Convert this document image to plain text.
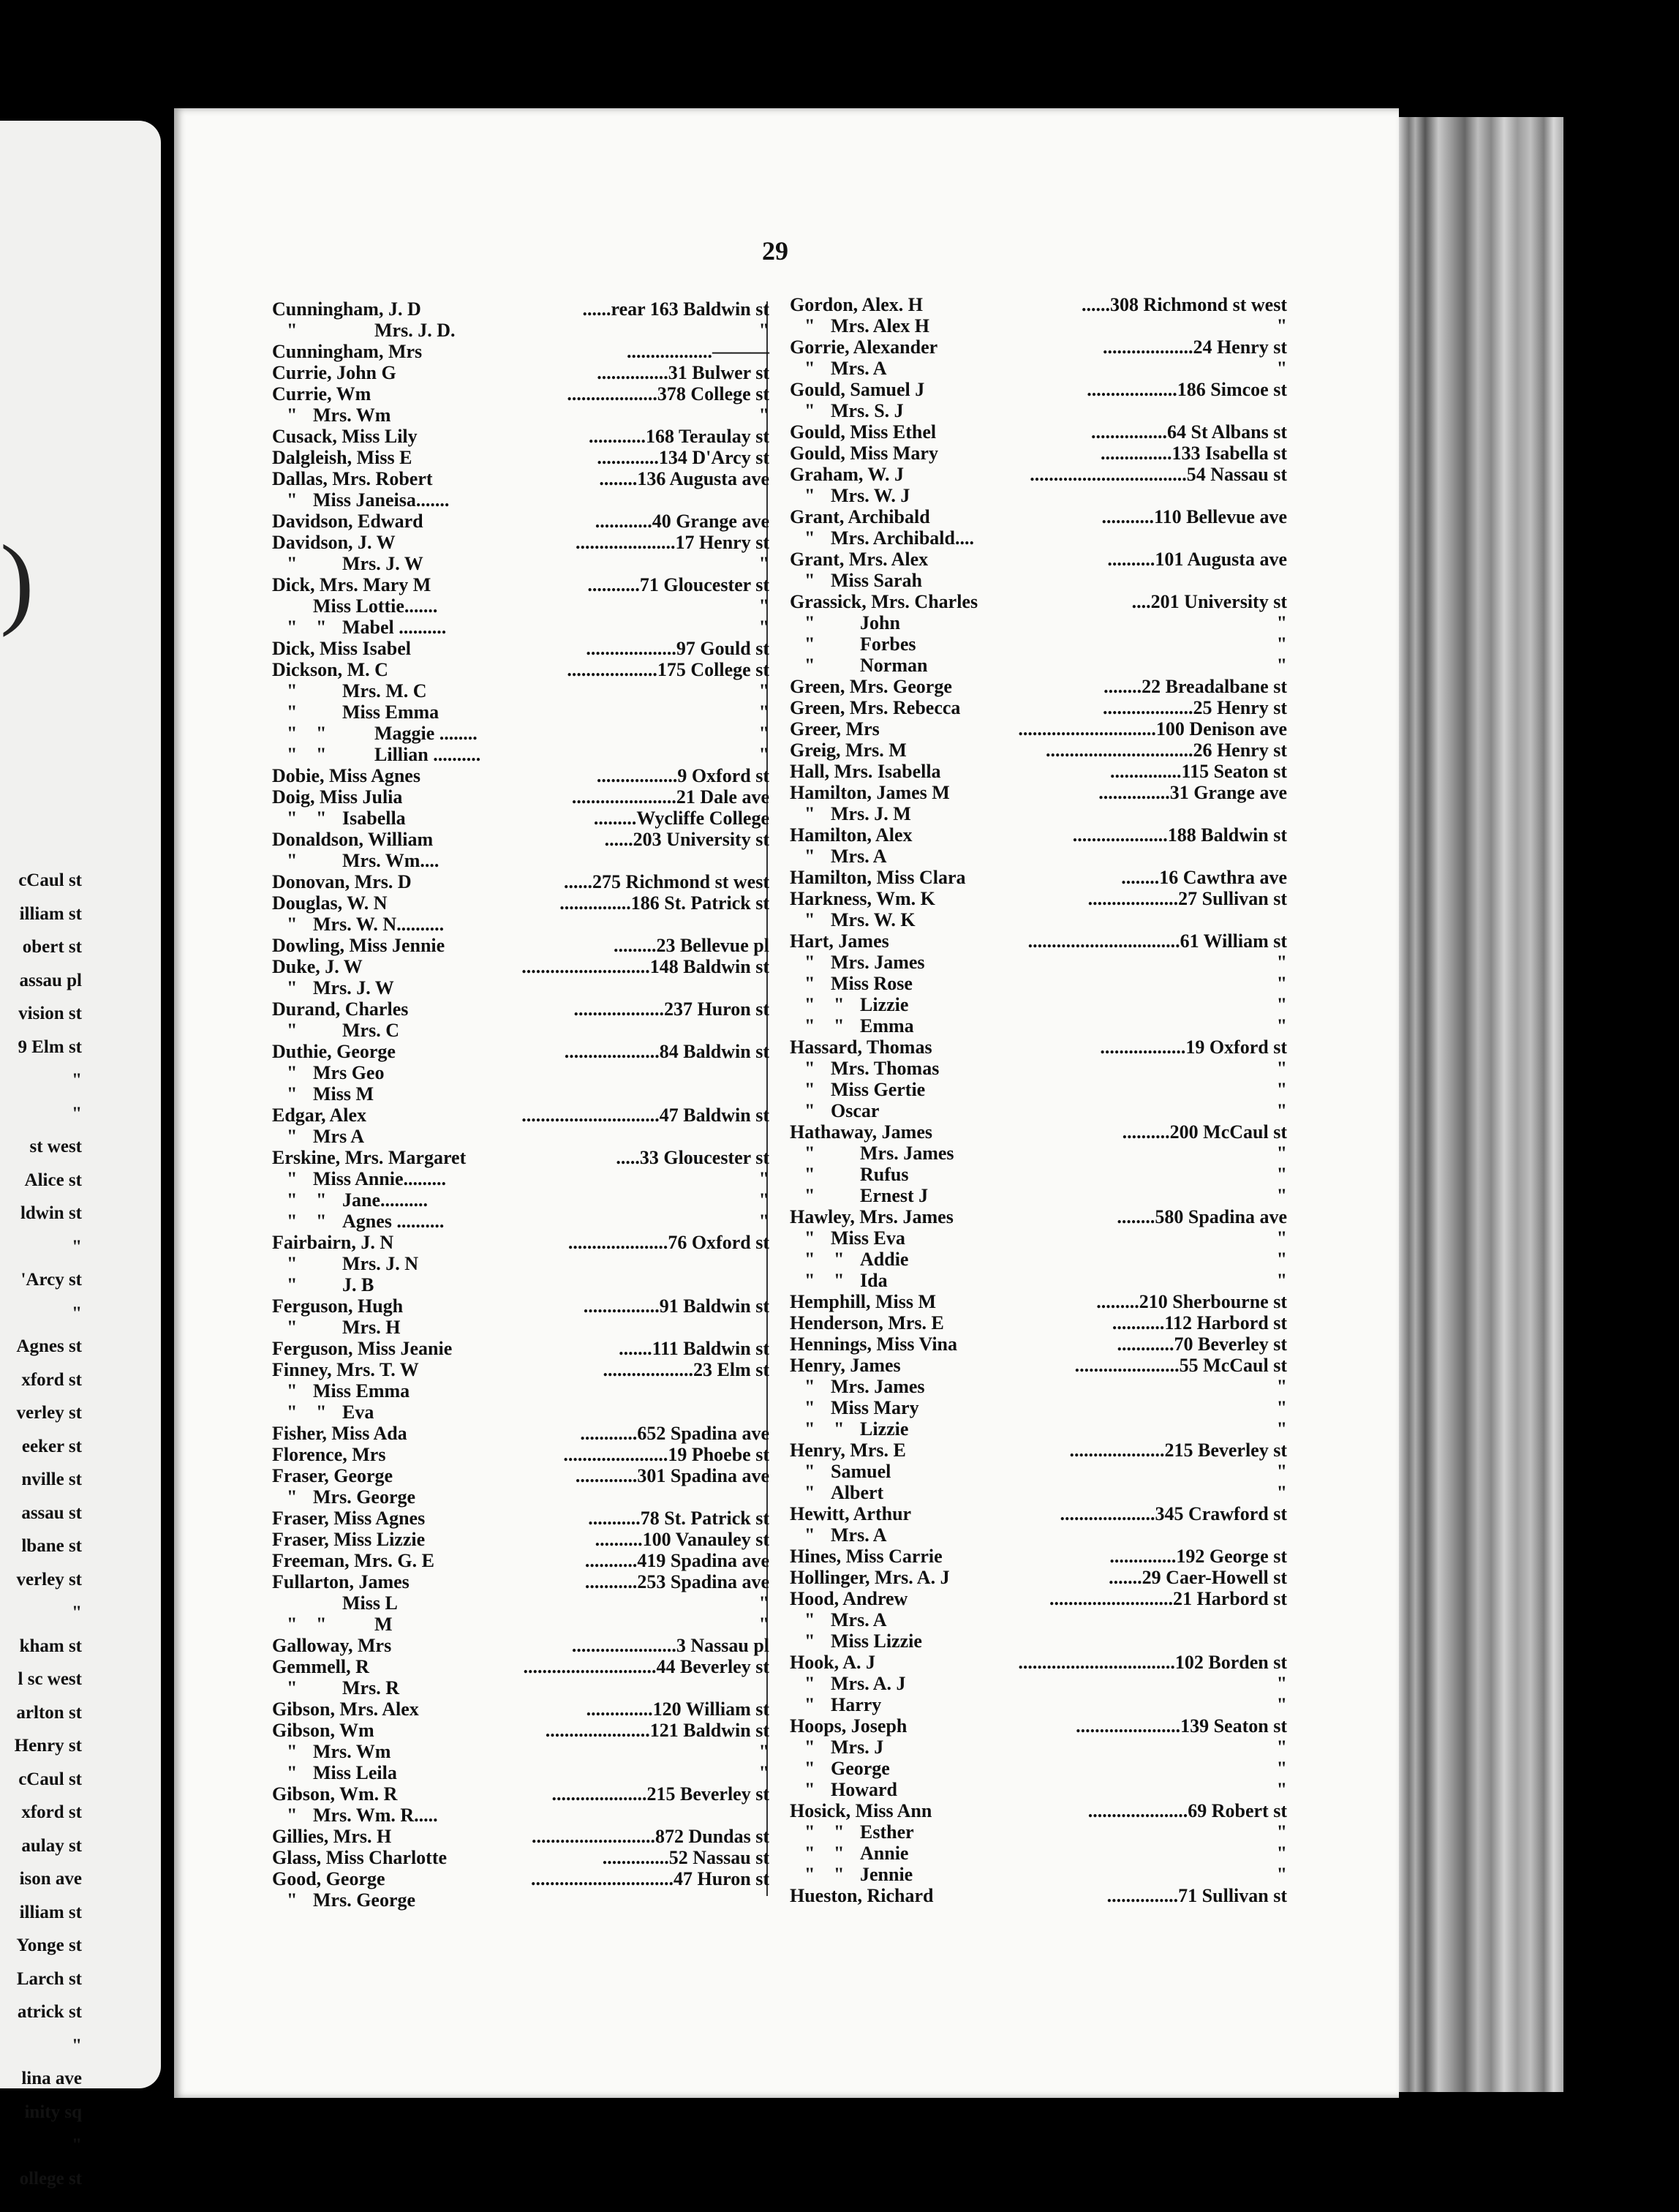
)
cCaul st
illiam st
obert st
assau pl
vision st
9 Elm st
"
"
st west
Alice st
ldwin st
"
'Arcy st
"
Agnes st
xford st
verley st
eeker st
nville st
assau st
lbane st
verley st
"
kham st
l sc west
arlton st
Henry st
cCaul st
xford st
aulay st
ison ave
illiam st
Yonge st
Larch st
atrick st
"
lina ave
inity sq
"
ollege st
29
Cunningham, J. D	......rear 163 Baldwin st
"	Mrs. J. D.	"
Cunningham, Mrs	..................———
Currie, John G	...............31 Bulwer st
Currie, Wm	...................378 College st
" Mrs. Wm	"
Cusack, Miss Lily	............168 Teraulay st
Dalgleish, Miss E	.............134 D'Arcy st
Dallas, Mrs. Robert	........136 Augusta ave
" Miss Janeisa.......
Davidson, Edward	............40 Grange ave
Davidson, J. W	.....................17 Henry st
" Mrs. J. W	"
Dick, Mrs. Mary M	...........71 Gloucester st
Miss Lottie.......	"
" " Mabel ..........	"
Dick, Miss Isabel	...................97 Gould st
Dickson, M. C	...................175 College st
" Mrs. M. C	"
" Miss Emma	"
" "	Maggie ........	"
" "	Lillian ..........	"
Dobie, Miss Agnes	.................9 Oxford st
Doig, Miss Julia	......................21 Dale ave
" " Isabella	.........Wycliffe College
Donaldson, William	......203 University st
" Mrs. Wm....
Donovan, Mrs. D	......275 Richmond st west
Douglas, W. N	...............186 St. Patrick st
" Mrs. W. N..........
Dowling, Miss Jennie	.........23 Bellevue pl
Duke, J. W	...........................148 Baldwin st
" Mrs. J. W
Durand, Charles	...................237 Huron st
" Mrs. C
Duthie, George	....................84 Baldwin st
" Mrs Geo
" Miss M
Edgar, Alex	.............................47 Baldwin st
" Mrs A
Erskine, Mrs. Margaret	.....33 Gloucester st
" Miss Annie.........	"
" " Jane..........	"
" " Agnes ..........	"
Fairbairn, J. N	.....................76 Oxford st
" Mrs. J. N
" J. B
Ferguson, Hugh	................91 Baldwin st
" Mrs. H
Ferguson, Miss Jeanie	.......111 Baldwin st
Finney, Mrs. T. W	...................23 Elm st
" Miss Emma
" " Eva
Fisher, Miss Ada	............652 Spadina ave
Florence, Mrs	......................19 Phoebe st
Fraser, George	.............301 Spadina ave
" Mrs. George
Fraser, Miss Agnes	...........78 St. Patrick st
Fraser, Miss Lizzie	..........100 Vanauley st
Freeman, Mrs. G. E	...........419 Spadina ave
Fullarton, James	...........253 Spadina ave
Miss L	"
" "	M	"
Galloway, Mrs	......................3 Nassau pl
Gemmell, R	............................44 Beverley st
" Mrs. R
Gibson, Mrs. Alex	..............120 William st
Gibson, Wm	......................121 Baldwin st
" Mrs. Wm	"
" Miss Leila	"
Gibson, Wm. R	....................215 Beverley st
" Mrs. Wm. R.....
Gillies, Mrs. H	..........................872 Dundas st
Glass, Miss Charlotte	..............52 Nassau st
Good, George	..............................47 Huron st
" Mrs. George
Gordon, Alex. H	......308 Richmond st west
" Mrs. Alex H	"
Gorrie, Alexander	...................24 Henry st
" Mrs. A	"
Gould, Samuel J	...................186 Simcoe st
" Mrs. S. J
Gould, Miss Ethel	................64 St Albans st
Gould, Miss Mary	...............133 Isabella st
Graham, W. J	.................................54 Nassau st
" Mrs. W. J
Grant, Archibald	...........110 Bellevue ave
" Mrs. Archibald....
Grant, Mrs. Alex	..........101 Augusta ave
" Miss Sarah
Grassick, Mrs. Charles	....201 University st
" John	"
" Forbes	"
" Norman	"
Green, Mrs. George	........22 Breadalbane st
Green, Mrs. Rebecca	...................25 Henry st
Greer, Mrs	.............................100 Denison ave
Greig, Mrs. M	...............................26 Henry st
Hall, Mrs. Isabella	...............115 Seaton st
Hamilton, James M	...............31 Grange ave
" Mrs. J. M
Hamilton, Alex	....................188 Baldwin st
" Mrs. A
Hamilton, Miss Clara	........16 Cawthra ave
Harkness, Wm. K	...................27 Sullivan st
" Mrs. W. K
Hart, James	................................61 William st
" Mrs. James	"
" Miss Rose	"
" " Lizzie	"
" " Emma	"
Hassard, Thomas	..................19 Oxford st
" Mrs. Thomas	"
" Miss Gertie	"
" Oscar	"
Hathaway, James	..........200 McCaul st
" Mrs. James	"
" Rufus	"
" Ernest J	"
Hawley, Mrs. James	........580 Spadina ave
" Miss Eva	"
" " Addie	"
" " Ida	"
Hemphill, Miss M	.........210 Sherbourne st
Henderson, Mrs. E	...........112 Harbord st
Hennings, Miss Vina	............70 Beverley st
Henry, James	......................55 McCaul st
" Mrs. James	"
" Miss Mary	"
" " Lizzie	"
Henry, Mrs. E	....................215 Beverley st
" Samuel	"
" Albert	"
Hewitt, Arthur	....................345 Crawford st
" Mrs. A
Hines, Miss Carrie	..............192 George st
Hollinger, Mrs. A. J	.......29 Caer-Howell st
Hood, Andrew	..........................21 Harbord st
" Mrs. A
" Miss Lizzie
Hook, A. J	.................................102 Borden st
" Mrs. A. J	"
" Harry	"
Hoops, Joseph	......................139 Seaton st
" Mrs. J	"
" George	"
" Howard	"
Hosick, Miss Ann	.....................69 Robert st
" " Esther	"
" " Annie	"
" " Jennie	"
Hueston, Richard	...............71 Sullivan st
